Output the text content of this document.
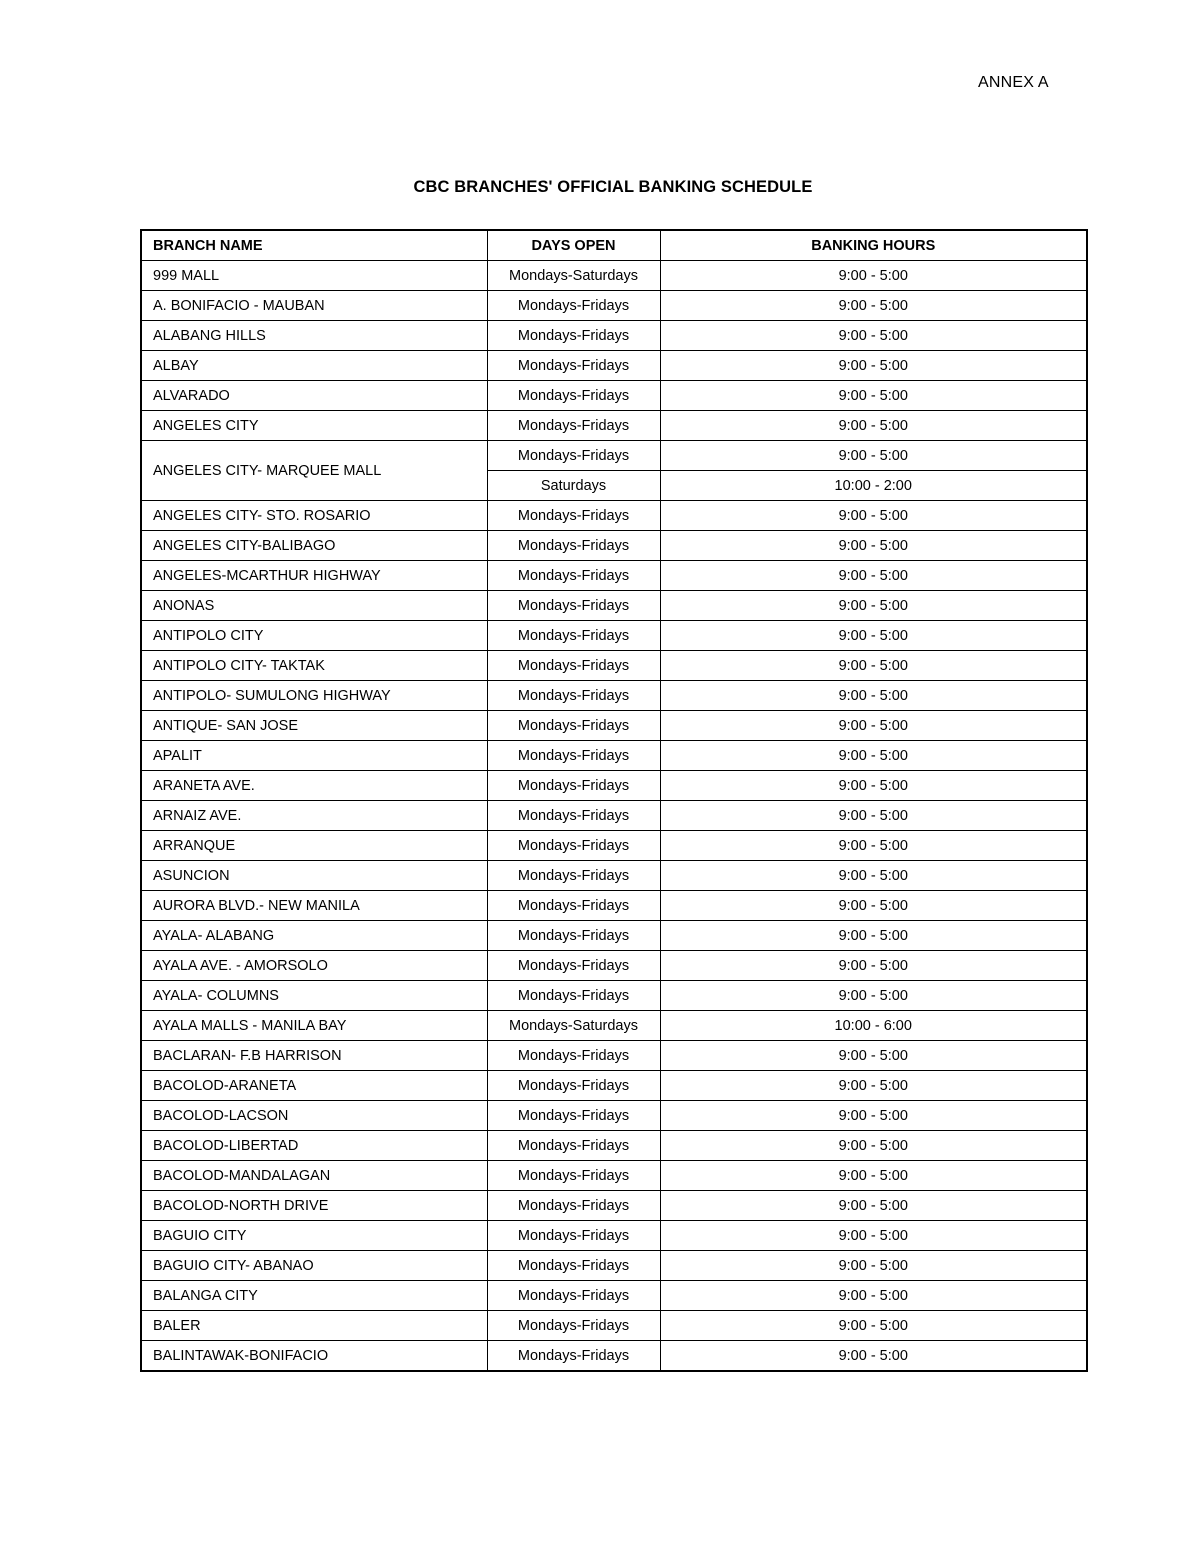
ANNEX A
CBC BRANCHES' OFFICIAL BANKING SCHEDULE
BRANCH NAME	DAYS OPEN	BANKING HOURS
999 MALL	Mondays-Saturdays	9:00 - 5:00
A. BONIFACIO - MAUBAN	Mondays-Fridays	9:00 - 5:00
ALABANG HILLS	Mondays-Fridays	9:00 - 5:00
ALBAY	Mondays-Fridays	9:00 - 5:00
ALVARADO	Mondays-Fridays	9:00 - 5:00
ANGELES CITY	Mondays-Fridays	9:00 - 5:00
ANGELES CITY- MARQUEE MALL	Mondays-Fridays	9:00 - 5:00
	Saturdays	10:00 - 2:00
ANGELES CITY- STO. ROSARIO	Mondays-Fridays	9:00 - 5:00
ANGELES CITY-BALIBAGO	Mondays-Fridays	9:00 - 5:00
ANGELES-MCARTHUR HIGHWAY	Mondays-Fridays	9:00 - 5:00
ANONAS	Mondays-Fridays	9:00 - 5:00
ANTIPOLO CITY	Mondays-Fridays	9:00 - 5:00
ANTIPOLO CITY- TAKTAK	Mondays-Fridays	9:00 - 5:00
ANTIPOLO- SUMULONG HIGHWAY	Mondays-Fridays	9:00 - 5:00
ANTIQUE- SAN JOSE	Mondays-Fridays	9:00 - 5:00
APALIT	Mondays-Fridays	9:00 - 5:00
ARANETA AVE.	Mondays-Fridays	9:00 - 5:00
ARNAIZ AVE.	Mondays-Fridays	9:00 - 5:00
ARRANQUE	Mondays-Fridays	9:00 - 5:00
ASUNCION	Mondays-Fridays	9:00 - 5:00
AURORA BLVD.- NEW MANILA	Mondays-Fridays	9:00 - 5:00
AYALA- ALABANG	Mondays-Fridays	9:00 - 5:00
AYALA AVE. - AMORSOLO	Mondays-Fridays	9:00 - 5:00
AYALA- COLUMNS	Mondays-Fridays	9:00 - 5:00
AYALA MALLS - MANILA BAY	Mondays-Saturdays	10:00 - 6:00
BACLARAN- F.B HARRISON	Mondays-Fridays	9:00 - 5:00
BACOLOD-ARANETA	Mondays-Fridays	9:00 - 5:00
BACOLOD-LACSON	Mondays-Fridays	9:00 - 5:00
BACOLOD-LIBERTAD	Mondays-Fridays	9:00 - 5:00
BACOLOD-MANDALAGAN	Mondays-Fridays	9:00 - 5:00
BACOLOD-NORTH DRIVE	Mondays-Fridays	9:00 - 5:00
BAGUIO CITY	Mondays-Fridays	9:00 - 5:00
BAGUIO CITY- ABANAO	Mondays-Fridays	9:00 - 5:00
BALANGA CITY	Mondays-Fridays	9:00 - 5:00
BALER	Mondays-Fridays	9:00 - 5:00
BALINTAWAK-BONIFACIO	Mondays-Fridays	9:00 - 5:00
